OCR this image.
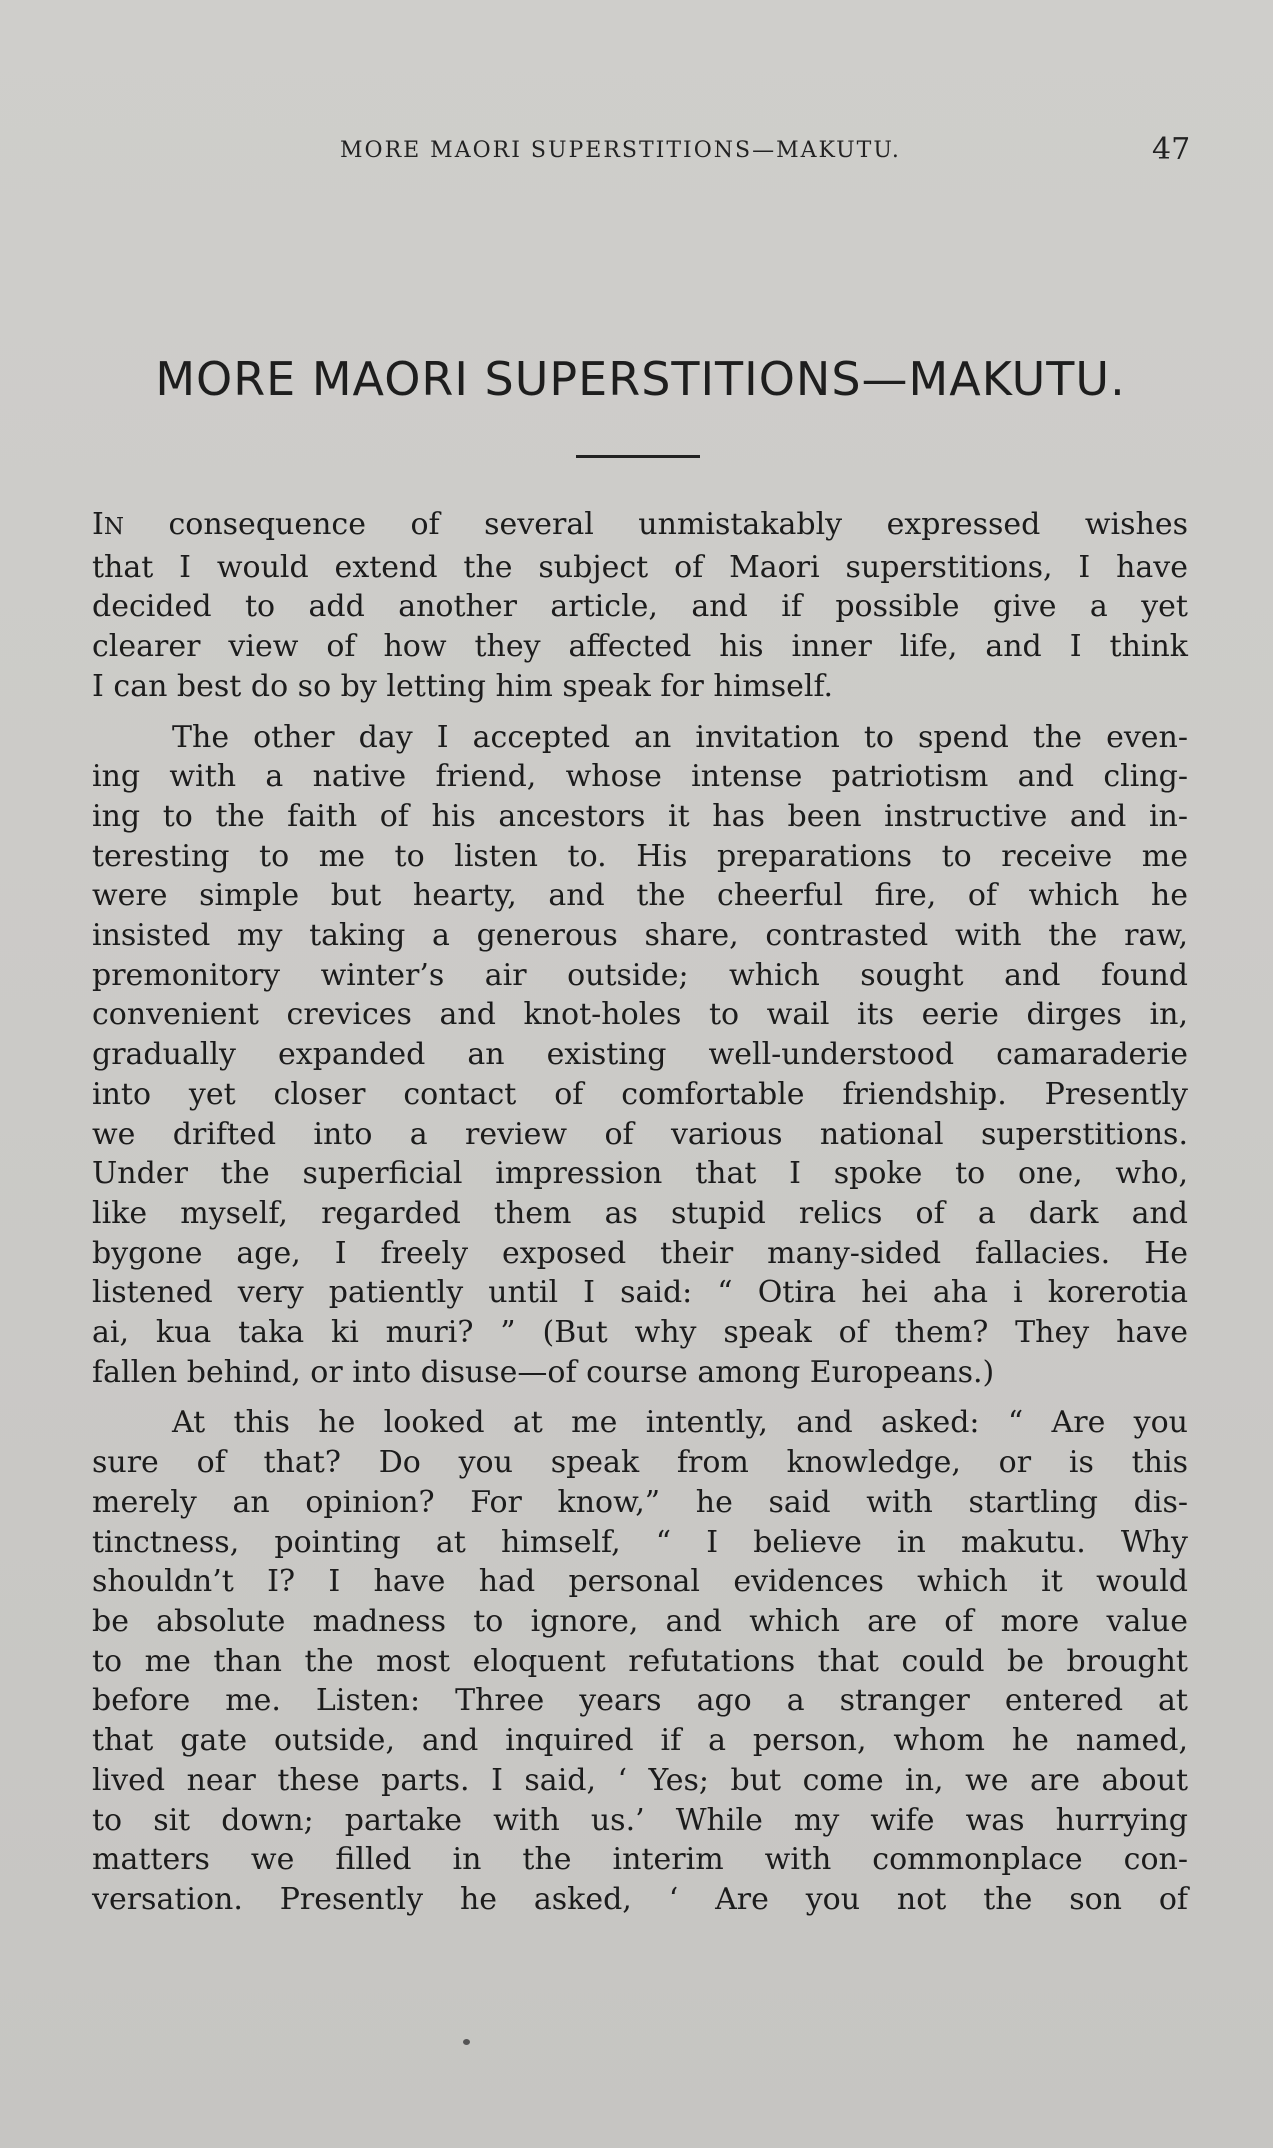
MORE MAORI SUPERSTITIONS—MAKUTU.	47
MORE MAORI SUPERSTITIONS—MAKUTU.

IN consequence of several unmistakably expressed wishes
that I would extend the subject of Maori superstitions, I have
decided to add another article, and if possible give a yet
clearer view of how they affected his inner life, and I think
I can best do so by letting him speak for himself.

The other day I accepted an invitation to spend the even-
ing with a native friend, whose intense patriotism and cling-
ing to the faith of his ancestors it has been instructive and in-
teresting to me to listen to. His preparations to receive me
were simple but hearty, and the cheerful fire, of which he
insisted my taking a generous share, contrasted with the raw,
premonitory winter’s air outside; which sought and found
convenient crevices and knot-holes to wail its eerie dirges in,
gradually expanded an existing well-understood camaraderie
into yet closer contact of comfortable friendship. Presently
we drifted into a review of various national superstitions.
Under the superficial impression that I spoke to one, who,
like myself, regarded them as stupid relics of a dark and
bygone age, I freely exposed their many-sided fallacies. He
listened very patiently until I said: “ Otira hei aha i korerotia
ai, kua taka ki muri? ” (But why speak of them? They have
fallen behind, or into disuse—of course among Europeans.)

At this he looked at me intently, and asked: “ Are you
sure of that? Do you speak from knowledge, or is this
merely an opinion? For know,” he said with startling dis-
tinctness, pointing at himself, “ I believe in makutu. Why
shouldn’t I? I have had personal evidences which it would
be absolute madness to ignore, and which are of more value
to me than the most eloquent refutations that could be brought
before me. Listen: Three years ago a stranger entered at
that gate outside, and inquired if a person, whom he named,
lived near these parts. I said, ‘ Yes; but come in, we are about
to sit down; partake with us.’ While my wife was hurrying
matters we filled in the interim with commonplace con-
versation. Presently he asked, ‘ Are you not the son of
